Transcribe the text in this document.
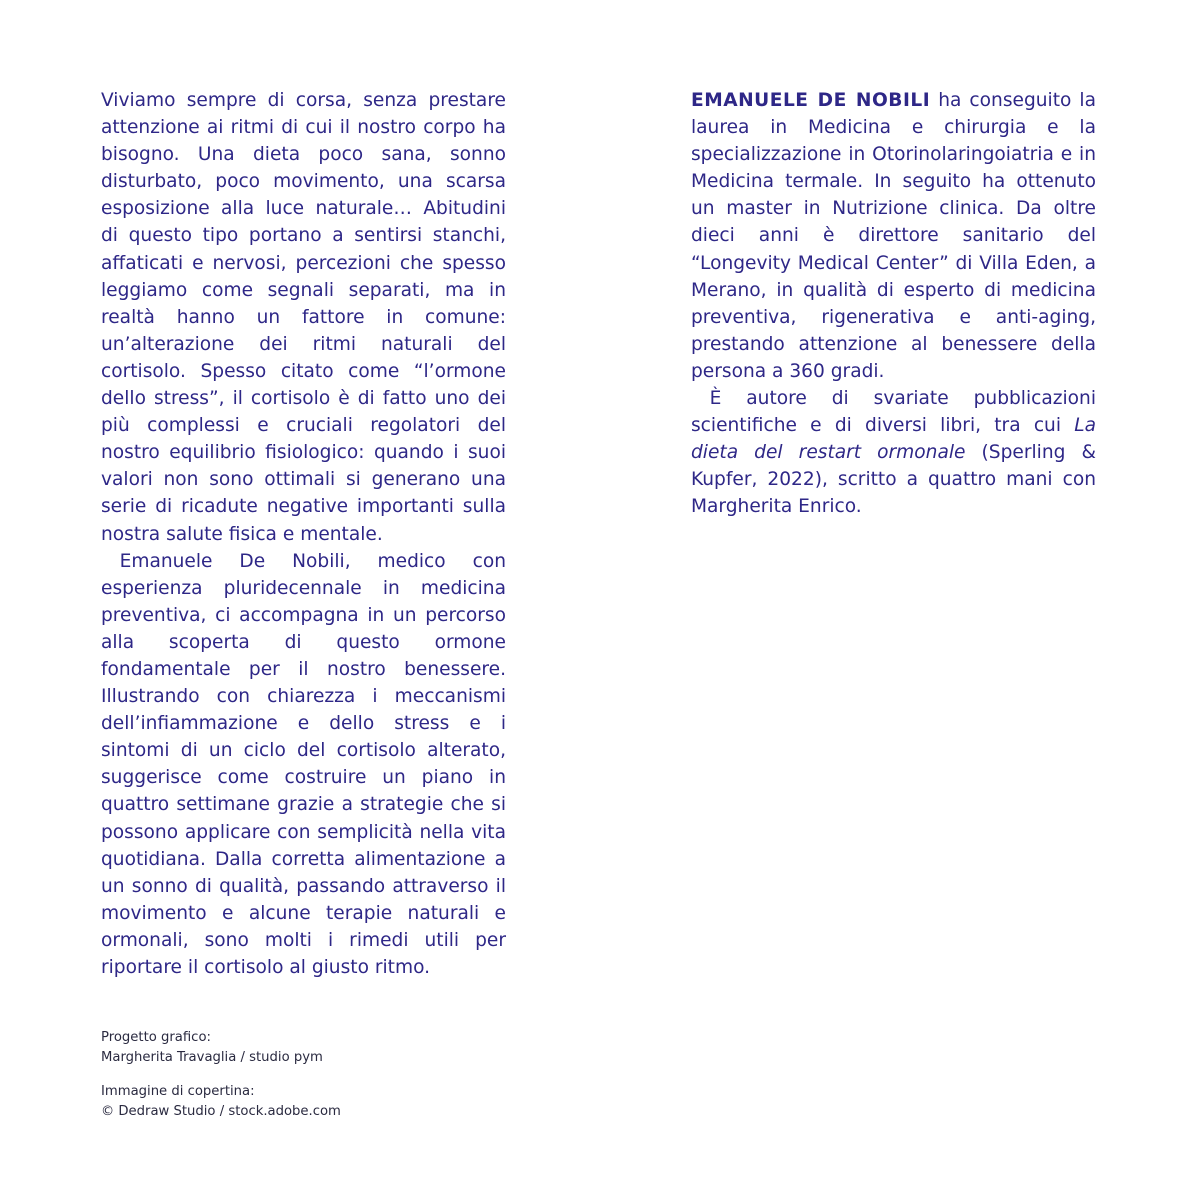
Viviamo sempre di corsa, senza prestare attenzione ai ritmi di cui il nostro corpo ha bisogno. Una dieta poco sana, sonno disturbato, poco movimento, una scarsa esposizione alla luce naturale… Abitudini di questo tipo portano a sentirsi stanchi, affaticati e nervosi, percezioni che spesso leggiamo come segnali separati, ma in realtà hanno un fattore in comune: un’alterazione dei ritmi naturali del cortisolo. Spesso citato come “l’ormone dello stress”, il cortisolo è di fatto uno dei più complessi e cruciali regolatori del nostro equilibrio fisiologico: quando i suoi valori non sono ottimali si generano una serie di ricadute negative importanti sulla nostra salute fisica e mentale.

Emanuele De Nobili, medico con esperienza pluridecennale in medicina preventiva, ci accompagna in un percorso alla scoperta di questo ormone fondamentale per il nostro benessere. Illustrando con chiarezza i meccanismi dell’infiammazione e dello stress e i sintomi di un ciclo del cortisolo alterato, suggerisce come costruire un piano in quattro settimane grazie a strategie che si possono applicare con semplicità nella vita quotidiana. Dalla corretta alimentazione a un sonno di qualità, passando attraverso il movimento e alcune terapie naturali e ormonali, sono molti i rimedi utili per riportare il cortisolo al giusto ritmo.

EMANUELE DE NOBILI ha conseguito la laurea in Medicina e chirurgia e la specializzazione in Otorinolaringoiatria e in Medicina termale. In seguito ha ottenuto un master in Nutrizione clinica. Da oltre dieci anni è direttore sanitario del “Longevity Medical Center” di Villa Eden, a Merano, in qualità di esperto di medicina preventiva, rigenerativa e anti-aging, prestando attenzione al benessere della persona a 360 gradi.

È autore di svariate pubblicazioni scientifiche e di diversi libri, tra cui La dieta del restart ormonale (Sperling & Kupfer, 2022), scritto a quattro mani con Margherita Enrico.

Progetto grafico:
Margherita Travaglia / studio pym
Immagine di copertina:
© Dedraw Studio / stock.adobe.com
